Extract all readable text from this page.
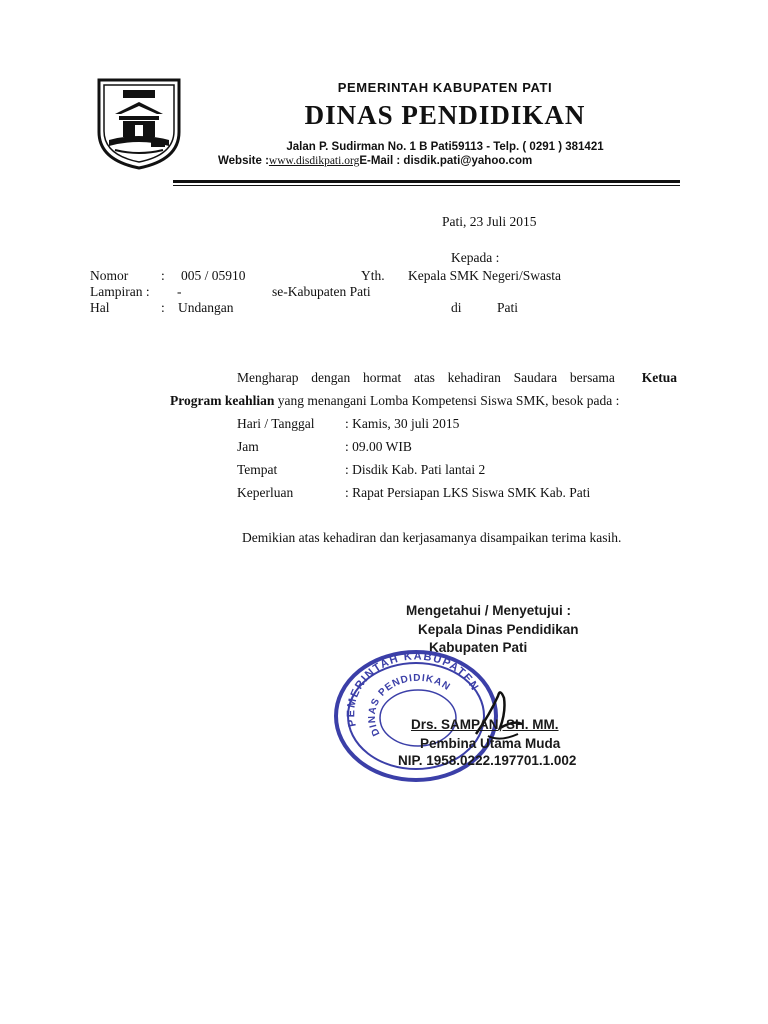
PEMERINTAH KABUPATEN PATI
DINAS PENDIDIKAN
Jalan P. Sudirman No. 1 B Pati59113 - Telp. ( 0291 ) 381421
Website :www.disdikpati.orgE-Mail : disdik.pati@yahoo.com
Pati, 23 Juli 2015
Kepada :
Nomor : 005 / 05910	Yth. Kepala SMK Negeri/Swasta
Lampiran : -	se-Kabupaten Pati
Hal	: Undangan	di	Pati
Mengharap  dengan  hormat  atas  kehadiran  Saudara  bersama Ketua
Program keahlian yang menangani Lomba Kompetensi Siswa SMK, besok pada :
Hari / Tanggal : Kamis, 30 juli 2015
Jam	: 09.00 WIB
Tempat	: Disdik Kab. Pati lantai 2
Keperluan	: Rapat Persiapan LKS Siswa SMK Kab. Pati
Demikian atas kehadiran dan kerjasamanya disampaikan terima kasih.
Mengetahui / Menyetujui :
Kepala Dinas Pendidikan
Kabupaten Pati
PEMERINTAH KABUPATEN
DINAS PENDIDIKAN
Drs. SAMPAN, SH. MM.
Pembina Utama Muda
NIP. 1958.0222.197701.1.002
